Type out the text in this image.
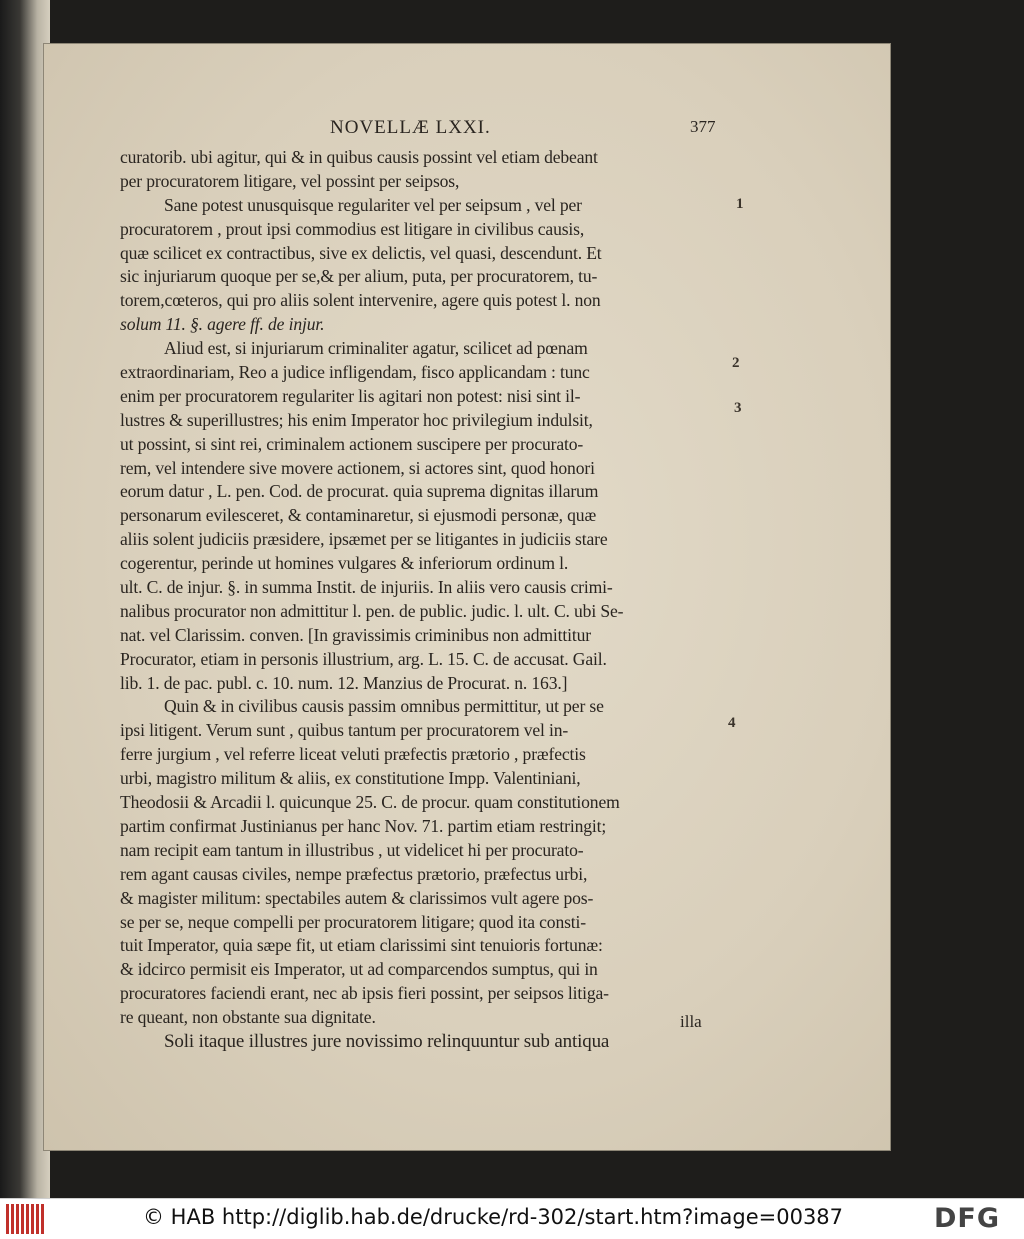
NOVELLÆ LXXI.	377
curatorib. ubi agitur, qui & in quibus causis possint vel etiam debeant
per procuratorem litigare, vel possint per seipsos,
Sane potest unusquisque regulariter vel per seipsum , vel per
procuratorem , prout ipsi commodius est litigare in civilibus causis,
quæ scilicet ex contractibus, sive ex delictis, vel quasi, descendunt. Et
sic injuriarum quoque per se,& per alium, puta, per procuratorem, tu-
torem,cœteros, qui pro aliis solent intervenire, agere quis potest l. non
solum 11. §. agere ff. de injur.
Aliud est, si injuriarum criminaliter agatur, scilicet ad pœnam
extraordinariam, Reo a judice infligendam, fisco applicandam : tunc
enim per procuratorem regulariter lis agitari non potest: nisi sint il-
lustres & superillustres; his enim Imperator hoc privilegium indulsit,
ut possint, si sint rei, criminalem actionem suscipere per procurato-
rem, vel intendere sive movere actionem, si actores sint, quod honori
eorum datur , L. pen. Cod. de procurat. quia suprema dignitas illarum
personarum evilesceret, & contaminaretur, si ejusmodi personæ, quæ
aliis solent judiciis præsidere, ipsæmet per se litigantes in judiciis stare
cogerentur, perinde ut homines vulgares & inferiorum ordinum l.
ult. C. de injur. §. in summa Instit. de injuriis. In aliis vero causis crimi-
nalibus procurator non admittitur l. pen. de public. judic. l. ult. C. ubi Se-
nat. vel Clarissim. conven. [In gravissimis criminibus non admittitur
Procurator, etiam in personis illustrium, arg. L. 15. C. de accusat. Gail.
lib. 1. de pac. publ. c. 10. num. 12. Manzius de Procurat. n. 163.]
Quin & in civilibus causis passim omnibus permittitur, ut per se
ipsi litigent. Verum sunt , quibus tantum per procuratorem vel in-
ferre jurgium , vel referre liceat veluti præfectis prætorio , præfectis
urbi, magistro militum & aliis, ex constitutione Impp. Valentiniani,
Theodosii & Arcadii l. quicunque 25. C. de procur. quam constitutionem
partim confirmat Justinianus per hanc Nov. 71. partim etiam restringit;
nam recipit eam tantum in illustribus , ut videlicet hi per procurato-
rem agant causas civiles, nempe præfectus prætorio, præfectus urbi,
& magister militum: spectabiles autem & clarissimos vult agere pos-
se per se, neque compelli per procuratorem litigare; quod ita consti-
tuit Imperator, quia sæpe fit, ut etiam clarissimi sint tenuioris fortunæ:
& idcirco permisit eis Imperator, ut ad comparcendos sumptus, qui in
procuratores faciendi erant, nec ab ipsis fieri possint, per seipsos litiga-
re queant, non obstante sua dignitate.
Soli itaque illustres jure novissimo relinquuntur sub antiqua
1
2
3
4
illa
© HAB http://diglib.hab.de/drucke/rd-302/start.htm?image=00387	DFG
